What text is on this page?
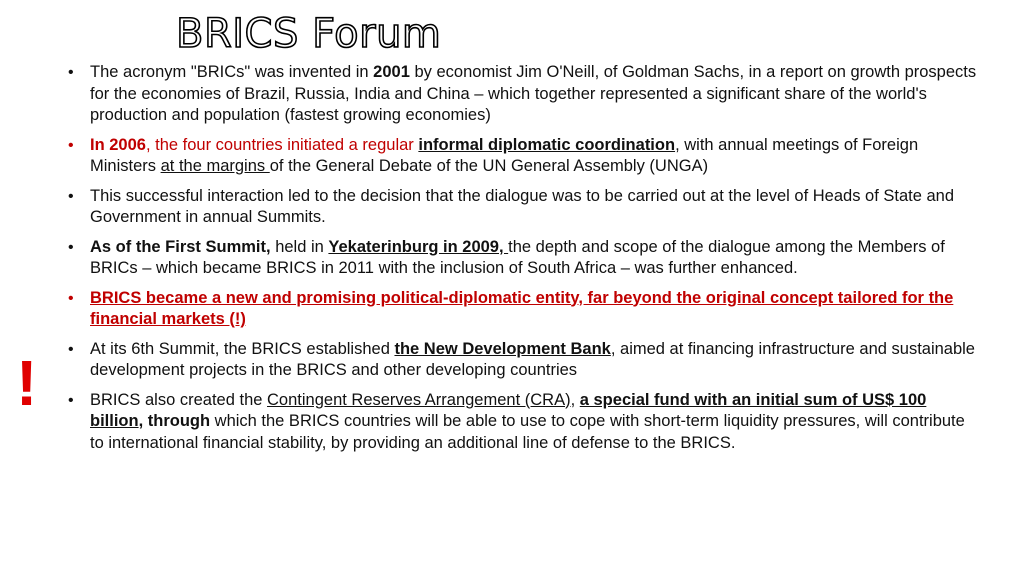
BRICS Forum
!
• The acronym "BRICs" was invented in 2001 by economist Jim O'Neill, of Goldman Sachs, in a report on growth prospects for the economies of Brazil, Russia, India and China – which together represented a significant share of the world's production and population (fastest growing economies)
• In 2006, the four countries initiated a regular informal diplomatic coordination, with annual meetings of Foreign Ministers at the margins of the General Debate of the UN General Assembly (UNGA)
• This successful interaction led to the decision that the dialogue was to be carried out at the level of Heads of State and Government in annual Summits.
• As of the First Summit, held in Yekaterinburg in 2009, the depth and scope of the dialogue among the Members of BRICs – which became BRICS in 2011 with the inclusion of South Africa – was further enhanced.
• BRICS became a new and promising political-diplomatic entity, far beyond the original concept tailored for the financial markets (!)
• At its 6th Summit, the BRICS established the New Development Bank, aimed at financing infrastructure and sustainable development projects in the BRICS and other developing countries
• BRICS also created the Contingent Reserves Arrangement (CRA), a special fund with an initial sum of US$ 100 billion, through which the BRICS countries will be able to use to cope with short-term liquidity pressures, will contribute to international financial stability, by providing an additional line of defense to the BRICS.
